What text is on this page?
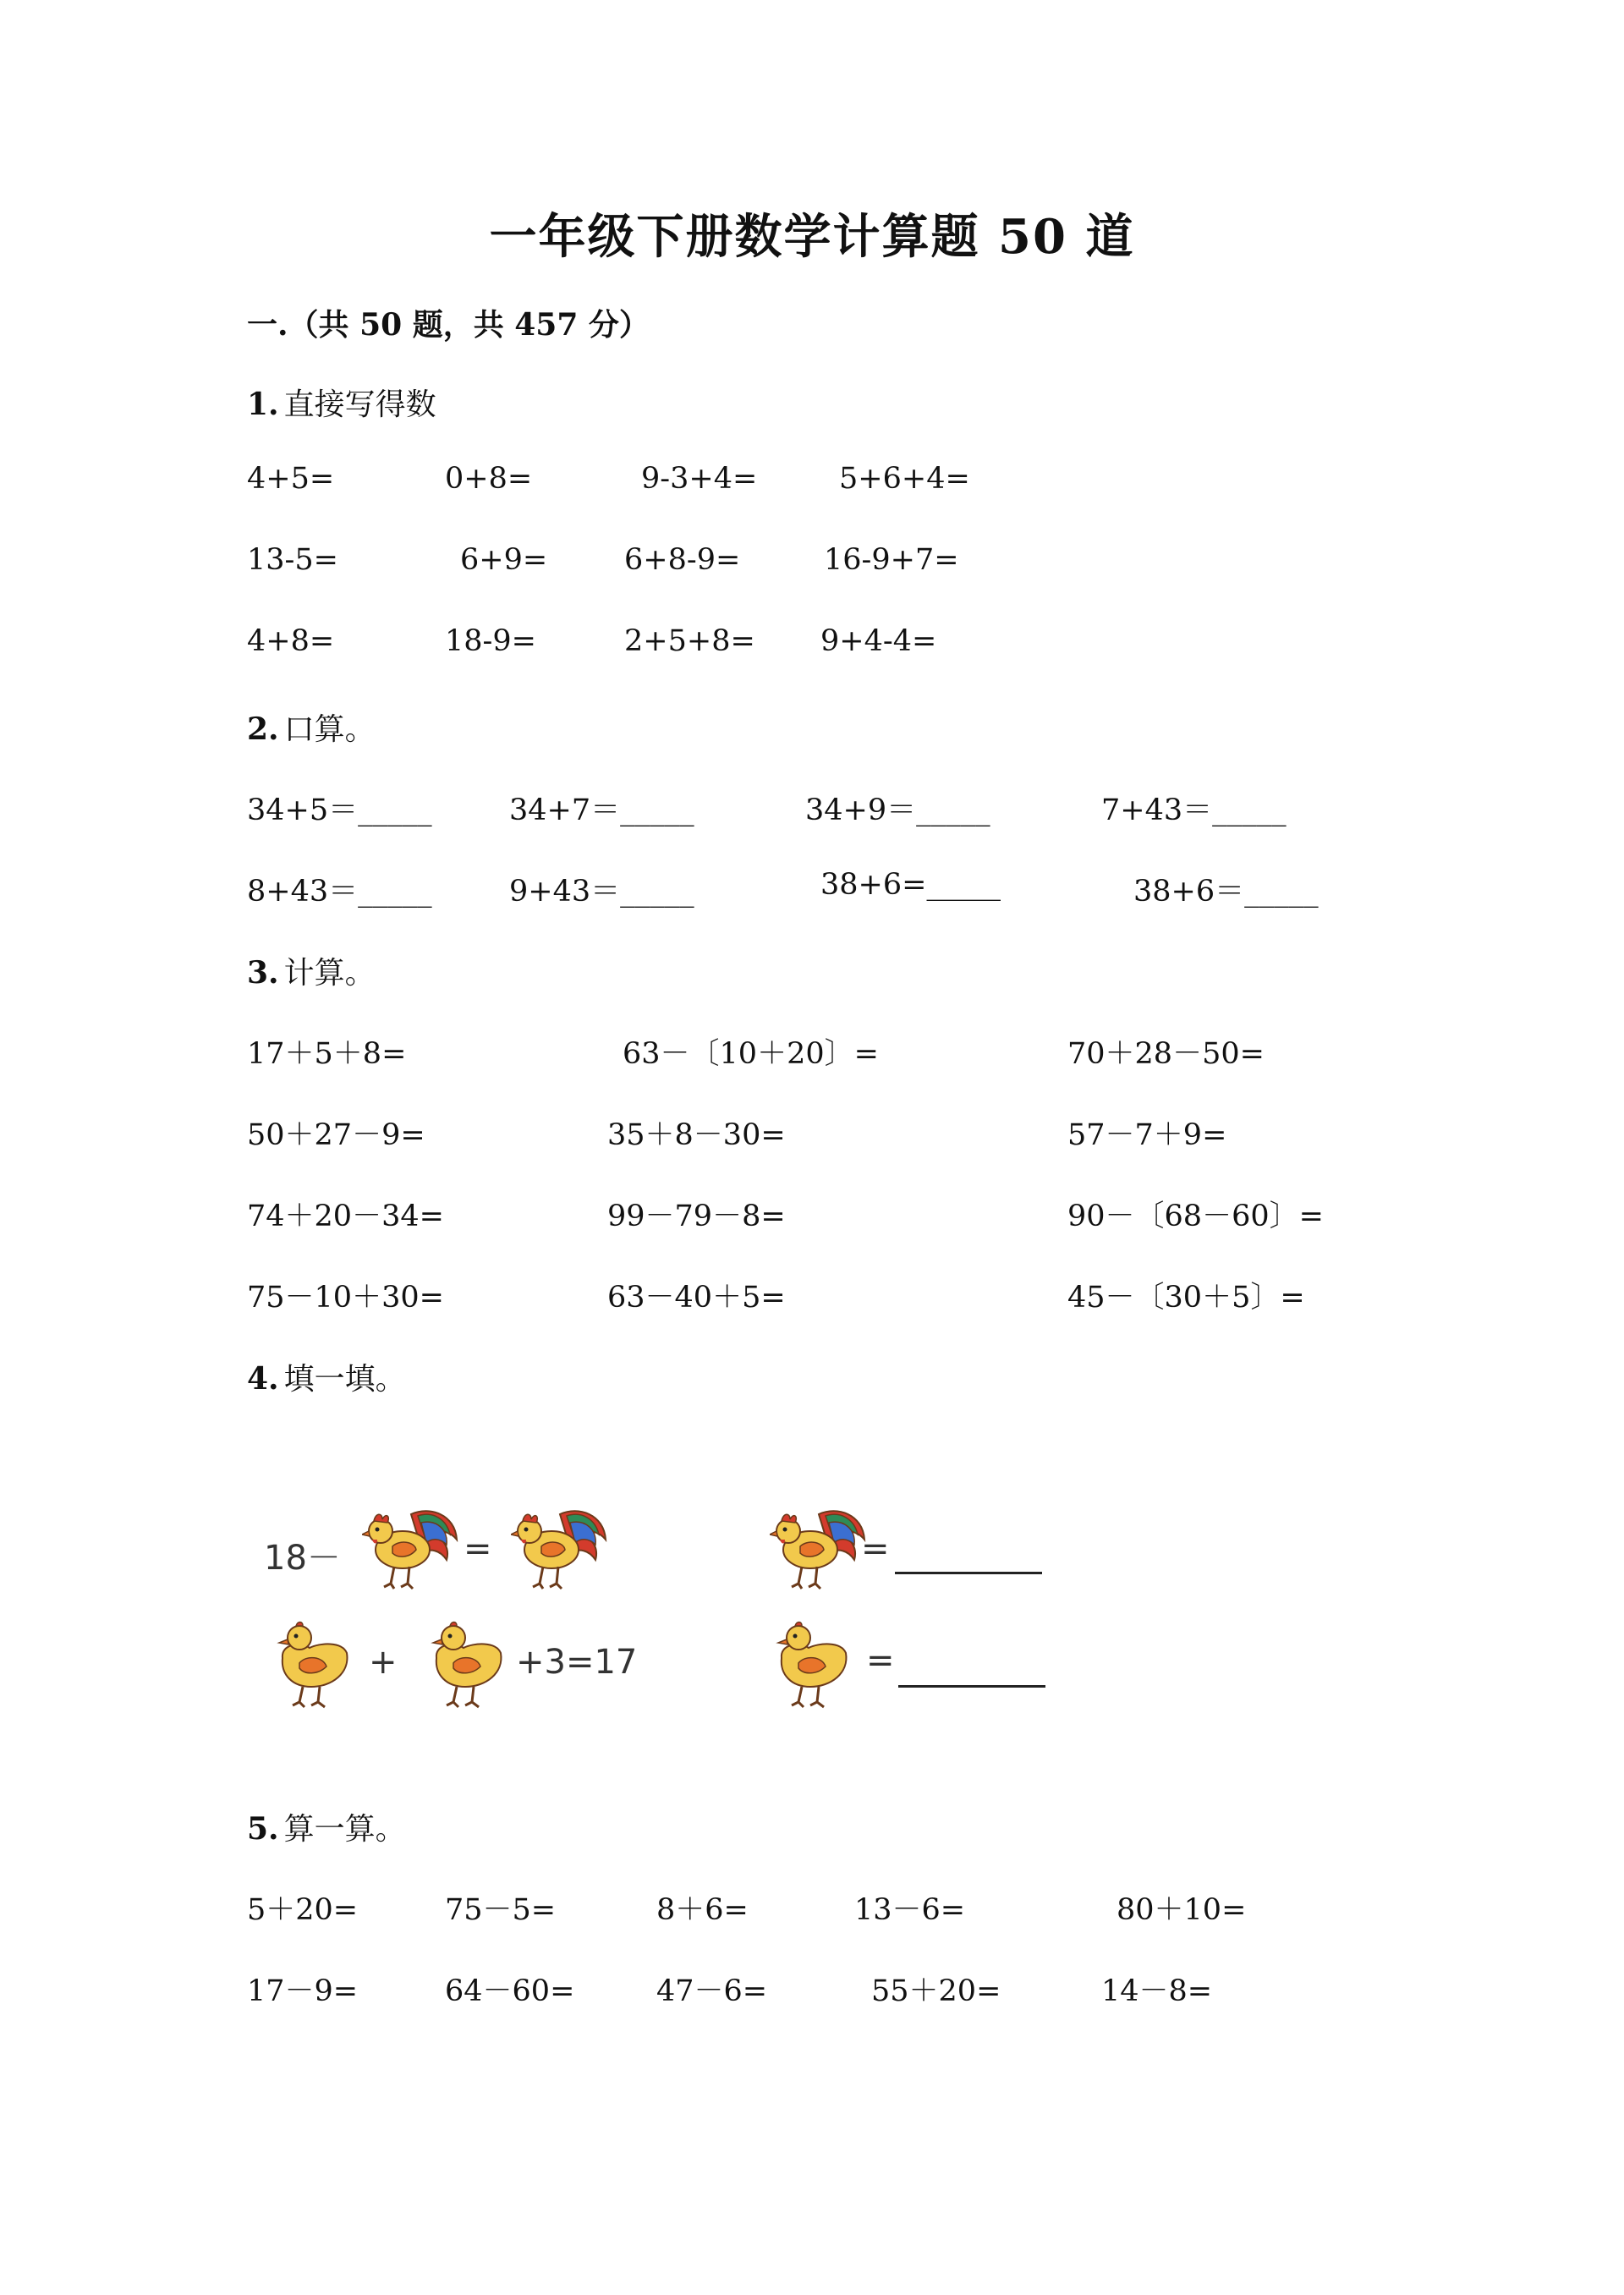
一年级下册数学计算题 50 道
一.（共 50 题，共 457 分）
1. 直接写得数
4+5=	0+8=	9-3+4=	5+6+4=
13-5=	6+9=	6+8-9=	16-9+7=
4+8=	18-9=	2+5+8= 9+4-4=
2. 口算。
34+5＝_____	34+7＝_____	34+9＝_____	7+43＝_____
8+43＝_____	9+43＝_____	38+6=_____	38+6＝_____
3. 计算。
17＋5＋8=	63－〔10＋20〕=	70＋28－50=
50＋27－9=	35＋8－30=	57－7＋9=
74＋20－34=	99－79－8=	90－〔68－60〕=
75－10＋30=	63－40＋5=	45－〔30＋5〕=
4. 填一填。
18－	=	=
+	+3=17	=
5. 算一算。
5＋20=	75－5=	8＋6=	13－6=	80＋10=
17－9=	64－60=	47－6=	55＋20=	14－8=
